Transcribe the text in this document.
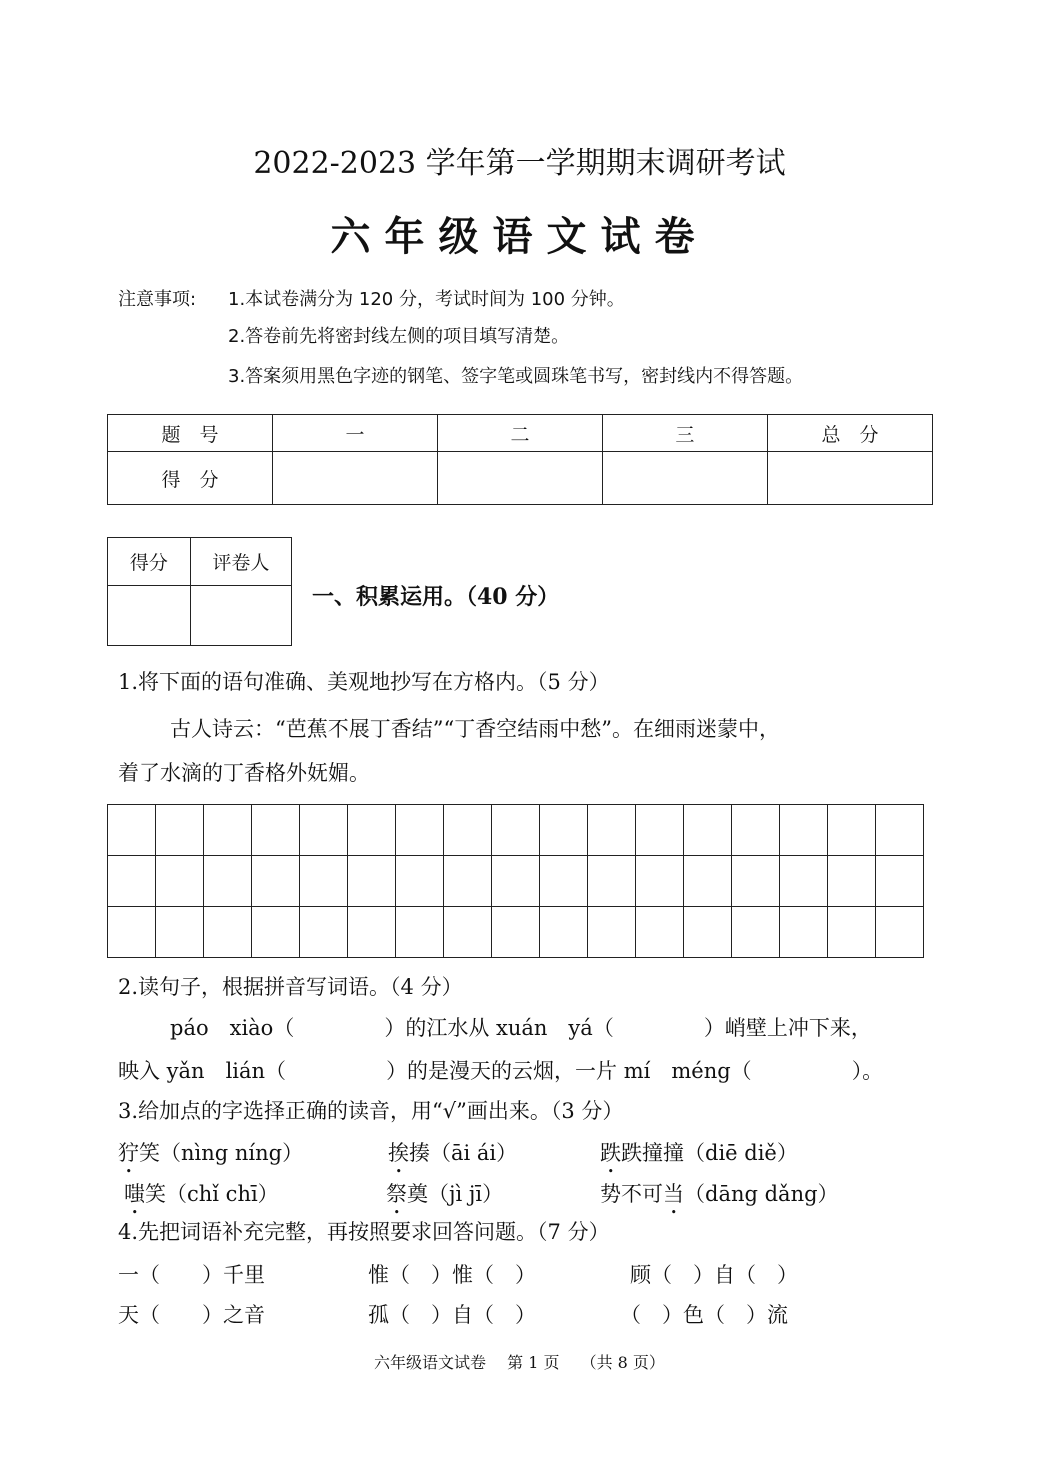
2022-2023 学年第一学期期末调研考试
六年级语文试卷
注意事项: 1.本试卷满分为 120 分，考试时间为 100 分钟。
2.答卷前先将密封线左侧的项目填写清楚。
3.答案须用黑色字迹的钢笔、签字笔或圆珠笔书写，密封线内不得答题。
题　号	一	二	三	总　分
得　分				
得分	评卷人

一、积累运用。（40 分）
1.将下面的语句准确、美观地抄写在方格内。（5 分）
古人诗云：“芭蕉不展丁香结”“丁香空结雨中愁”。在细雨迷蒙中，
着了水滴的丁香格外妩媚。
2.读句子，根据拼音写词语。（4 分）
páo　xiào（	）的江水从 xuán　yá（	）峭壁上冲下来，
映入 yǎn　lián（	）的是漫天的云烟，一片 mí　méng（	）。
3.给加点的字选择正确的读音，用“√”画出来。（3 分）
狞笑（nìng níng）	挨揍（āi ái）	跌跌撞撞（diē diě）
嗤笑（chǐ chī）	祭奠（jì jī）	势不可当（dāng dǎng）
4.先把词语补充完整，再按照要求回答问题。（7 分）
一（　　）千里	惟（　）惟（　）	顾（　）自（　）
天（　　）之音	孤（　）自（　）	（　）色（　）流
六年级语文试卷　 第 1 页　 （共 8 页）
